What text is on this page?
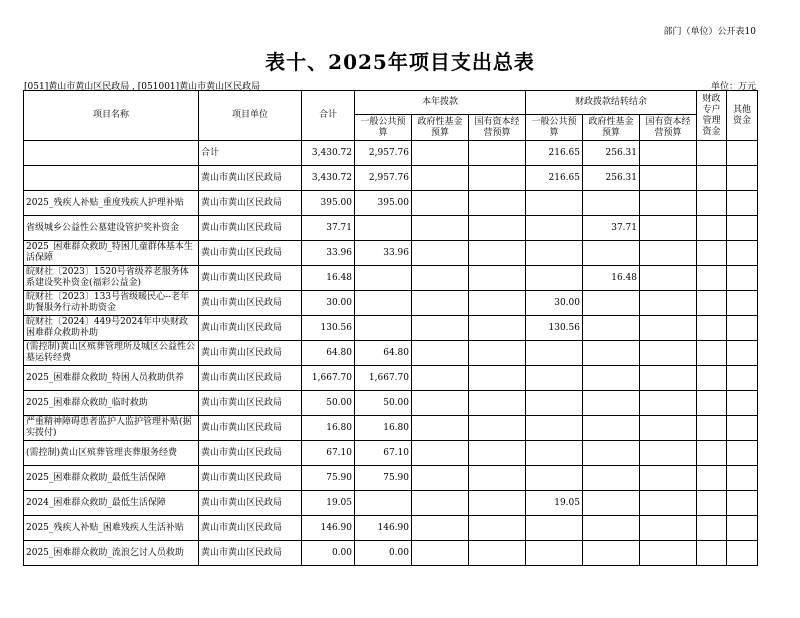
部门（单位）公开表10
表十、2025年项目支出总表
[051]黄山市黄山区民政局 , [051001]黄山市黄山区民政局	单位：万元
项目名称	项目单位	合计	本年拨款			财政拨款结转结余			财政专户管理资金	其他资金
			一般公共预算	政府性基金预算	国有资本经营预算	一般公共预算	政府性基金预算	国有资本经营预算		
	合计	3,430.72	2,957.76			216.65	256.31			
	黄山市黄山区民政局	3,430.72	2,957.76			216.65	256.31			
2025_残疾人补贴_重度残疾人护理补贴	黄山市黄山区民政局	395.00	395.00							
省级城乡公益性公墓建设管护奖补资金	黄山市黄山区民政局	37.71					37.71			
2025_困难群众救助_特困儿童群体基本生活保障	黄山市黄山区民政局	33.96	33.96							
皖财社〔2023〕1520号省级养老服务体系建设奖补资金(福彩公益金)	黄山市黄山区民政局	16.48					16.48			
皖财社〔2023〕133号省级暖民心--老年助餐服务行动补助资金	黄山市黄山区民政局	30.00				30.00				
皖财社〔2024〕449号2024年中央财政困难群众救助补助	黄山市黄山区民政局	130.56				130.56				
(需控制)黄山区殡葬管理所及城区公益性公墓运转经费	黄山市黄山区民政局	64.80	64.80							
2025_困难群众救助_特困人员救助供养	黄山市黄山区民政局	1,667.70	1,667.70							
2025_困难群众救助_临时救助	黄山市黄山区民政局	50.00	50.00							
严重精神障碍患者监护人监护管理补贴(据实拨付)	黄山市黄山区民政局	16.80	16.80							
(需控制)黄山区殡葬管理丧葬服务经费	黄山市黄山区民政局	67.10	67.10							
2025_困难群众救助_最低生活保障	黄山市黄山区民政局	75.90	75.90							
2024_困难群众救助_最低生活保障	黄山市黄山区民政局	19.05				19.05				
2025_残疾人补贴_困难残疾人生活补贴	黄山市黄山区民政局	146.90	146.90							
2025_困难群众救助_流浪乞讨人员救助	黄山市黄山区民政局	0.00	0.00							
